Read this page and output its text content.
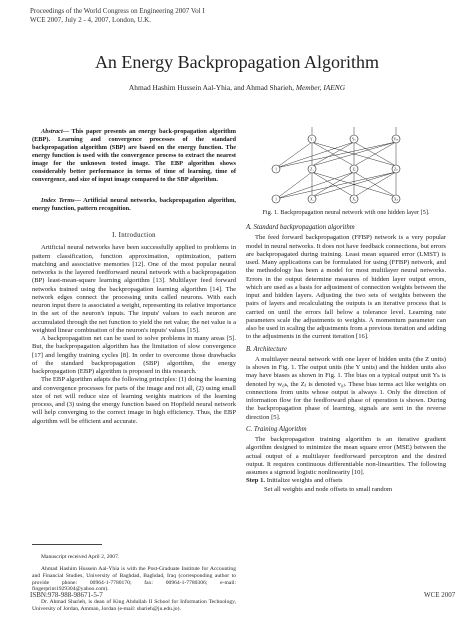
Proceedings of the World Congress on Engineering 2007 Vol I
WCE 2007, July 2 - 4, 2007, London, U.K.
An Energy Backpropagation Algorithm
Ahmad Hashim Hussein Aal-Yhia, and Ahmad Sharieh, Member, IAENG

Abstract— This paper presents an energy back-propagation algorithm (EBP). Learning and convergence processes of the standard backpropagation algorithm (SBP) are based on the energy function. The energy function is used with the convergence process to extract the nearest image for the unknown tested image. The EBP algorithm shows considerably better performance in terms of time of learning, time of convergence, and size of input image compared to the SBP algorithm.

Index Terms— Artificial neural networks, backpropagation algorithm, energy function, pattern recognition.

I. Introduction

Artificial neural networks have been successfully applied to problems in pattern classification, function approximation, optimization, pattern matching and associative memories [12]. One of the most popular neural networks is the layered feedforward neural network with a backpropagation (BP) least-mean-square learning algorithm [13]. Multilayer feed forward networks trained using the backpropagation learning algorithm [14]. The network edges connect the processing units called neurons. With each neuron input there is associated a weight, representing its relative importance in the set of the neuron's inputs. The inputs' values to each neuron are accumulated through the net function to yield the net value; the net value is a weighted linear combination of the neuron's inputs' values [15].

A backpropagation net can be used to solve problems in many areas [5]. But, the backpropagation algorithm has the limitation of slow convergence [17] and lengthy training cycles [8]. In order to overcome those drawbacks of the standard backpropagation (SBP) algorithm, the energy backpropagation (EBP) algorithm is proposed in this research.

The EBP algorithm adapts the following principles: (1) doing the learning and convergence processes for parts of the image and not all, (2) using small size of net will reduce size of learning weights matrices of the learning process, and (3) using the energy function based on Hopfield neural network will help converging to the correct image in high efficiency. Thus, the EBP algorithm will be efficient and accurate.

Manuscript received April 2, 2007.

Ahmad Hashim Hussein Aal-Yhia is with the Post-Graduate Institute for Accounting and Financial Studies, University of Baghdad, Baghdad, Iraq (corresponding author to provide phone: 00964-1-7780170; fax: 00964-1-7780306; e-mail: fingerprint1929304@yahoo.com).

Dr. Ahmad Sharieh, is dean of King Abdullah II School for Information Technology, University of Jordan, Amman, Jordan (e-mail: sharieh@ju.edu.jo).

Y₁	Yₖ	Yₘ
1	Z₁	Zⱼ	Zₚ
1	X₁	Xᵢ	Xₙ
Fig. 1. Backpropagation neural network with one hidden layer [5].

A. Standard backpropagation algorithm

The feed forward backpropagation (FFBP) network is a very popular model in neural networks. It does not have feedback connections, but errors are backpropagated during training. Least mean squared error (LMST) is used. Many applications can be formulated for using (FFBP) network, and the methodology has been a model for most multilayer neural networks. Errors in the output determine measures of hidden layer output errors, which are used as a basis for adjustment of connection weights between the input and hidden layers. Adjusting the two sets of weights between the pairs of layers and recalculating the outputs is an iterative process that is carried on until the errors fall below a tolerance level. Learning rate parameters scale the adjustments to weights. A momentum parameter can also be used in scaling the adjustments from a previous iteration and adding to the adjustments in the current iteration [16].

B. Architecture

A multilayer neural network with one layer of hidden units (the Z units) is shown in Fig. 1. The output units (the Y units) and the hidden units also may have biases as shown in Fig. 1. The bias on a typical output unit Yₖ is denoted by w₀ₖ, the Zⱼ is denoted v₀ⱼ. These bias terms act like weights on connections from units whose output is always 1. Only the direction of information flow for the feedforward phase of operation is shown. During the backpropagation phase of learning, signals are sent in the reverse direction [5].

C. Training Algorithm

The backpropagation training algorithm is an iterative gradient algorithm designed to minimize the mean square error (MSE) between the actual output of a multilayer feedforward perceptron and the desired output. It requires continuous differentiable non-linearities. The following assumes a sigmoid logistic nonlinearity [10].

Step 1. Initialize weights and offsets

Set all weights and node offsets to small random

ISBN:978-988-98671-5-7	WCE 2007
